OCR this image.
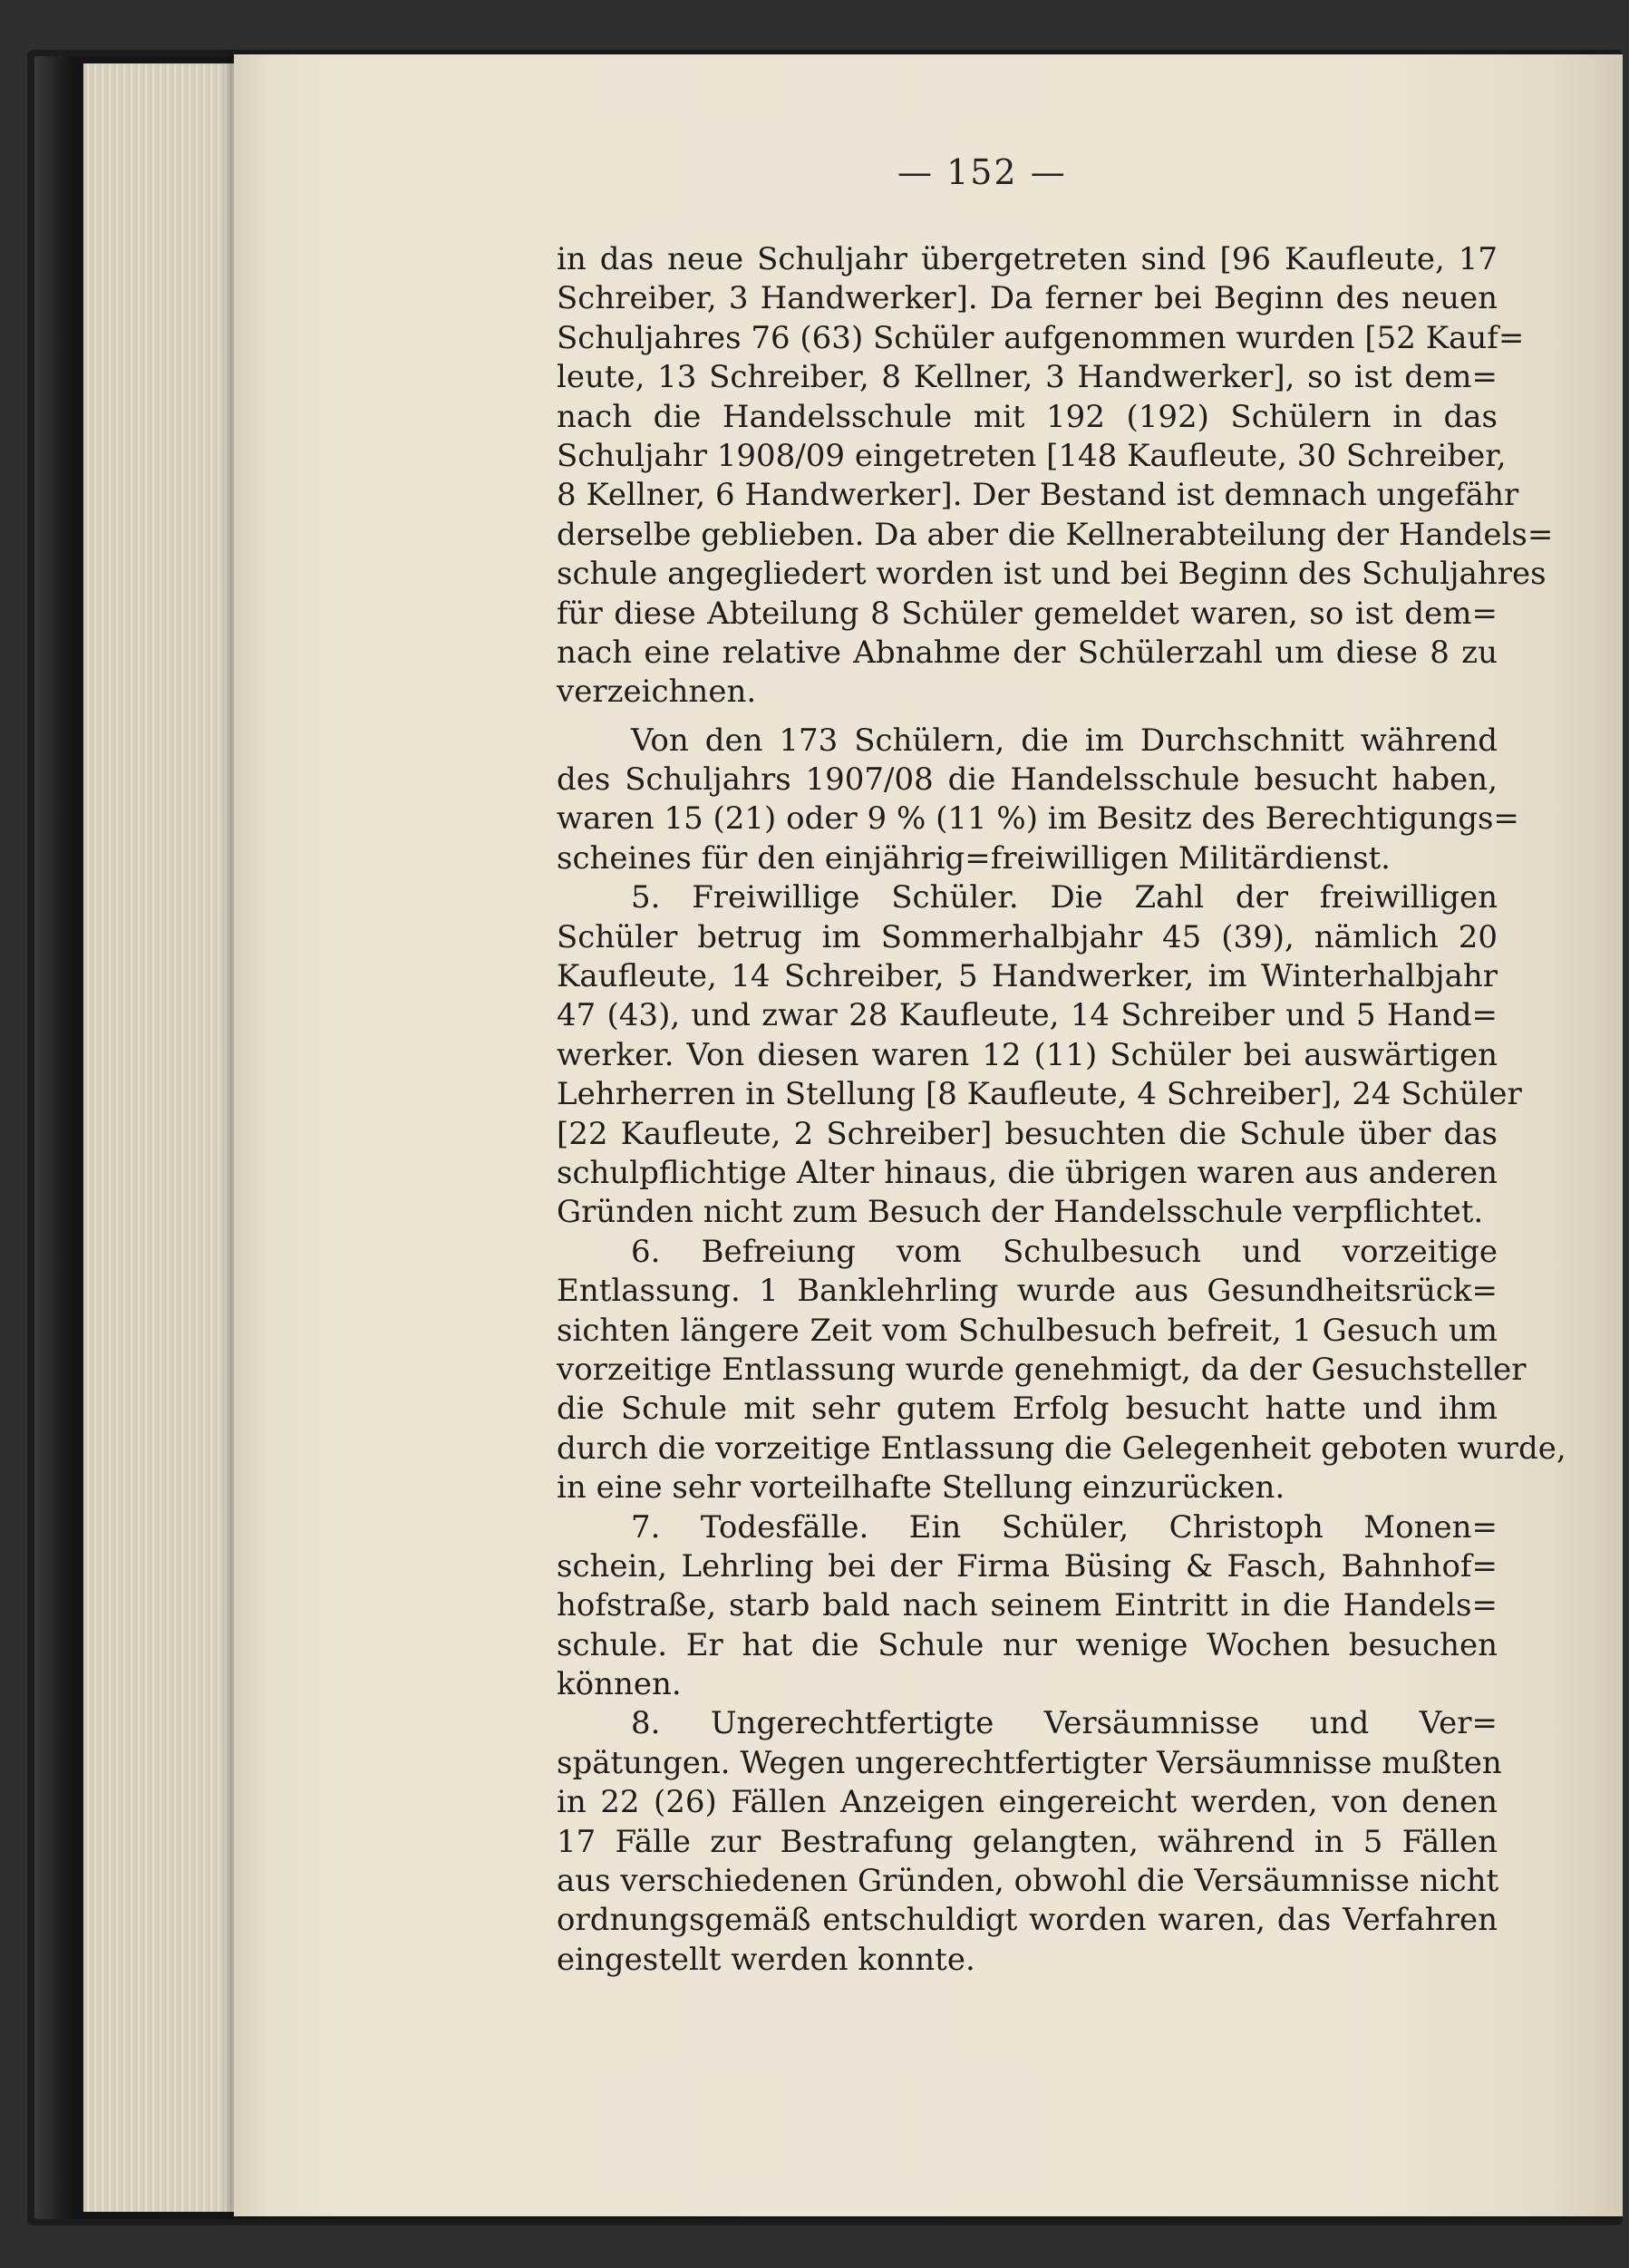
— 152 —
in das neue Schuljahr übergetreten sind [96 Kaufleute, 17
Schreiber, 3 Handwerker]. Da ferner bei Beginn des neuen
Schuljahres 76 (63) Schüler aufgenommen wurden [52 Kauf=
leute, 13 Schreiber, 8 Kellner, 3 Handwerker], so ist dem=
nach die Handelsschule mit 192 (192) Schülern in das
Schuljahr 1908/09 eingetreten [148 Kaufleute, 30 Schreiber,
8 Kellner, 6 Handwerker]. Der Bestand ist demnach ungefähr
derselbe geblieben. Da aber die Kellnerabteilung der Handels=
schule angegliedert worden ist und bei Beginn des Schuljahres
für diese Abteilung 8 Schüler gemeldet waren, so ist dem=
nach eine relative Abnahme der Schülerzahl um diese 8 zu
verzeichnen.
Von den 173 Schülern, die im Durchschnitt während
des Schuljahrs 1907/08 die Handelsschule besucht haben,
waren 15 (21) oder 9 % (11 %) im Besitz des Berechtigungs=
scheines für den einjährig=freiwilligen Militärdienst.
5. Freiwillige Schüler. Die Zahl der freiwilligen
Schüler betrug im Sommerhalbjahr 45 (39), nämlich 20
Kaufleute, 14 Schreiber, 5 Handwerker, im Winterhalbjahr
47 (43), und zwar 28 Kaufleute, 14 Schreiber und 5 Hand=
werker. Von diesen waren 12 (11) Schüler bei auswärtigen
Lehrherren in Stellung [8 Kaufleute, 4 Schreiber], 24 Schüler
[22 Kaufleute, 2 Schreiber] besuchten die Schule über das
schulpflichtige Alter hinaus, die übrigen waren aus anderen
Gründen nicht zum Besuch der Handelsschule verpflichtet.
6. Befreiung vom Schulbesuch und vorzeitige
Entlassung. 1 Banklehrling wurde aus Gesundheitsrück=
sichten längere Zeit vom Schulbesuch befreit, 1 Gesuch um
vorzeitige Entlassung wurde genehmigt, da der Gesuchsteller
die Schule mit sehr gutem Erfolg besucht hatte und ihm
durch die vorzeitige Entlassung die Gelegenheit geboten wurde,
in eine sehr vorteilhafte Stellung einzurücken.
7. Todesfälle. Ein Schüler, Christoph Monen=
schein, Lehrling bei der Firma Büsing & Fasch, Bahnhof=
hofstraße, starb bald nach seinem Eintritt in die Handels=
schule. Er hat die Schule nur wenige Wochen besuchen
können.
8. Ungerechtfertigte Versäumnisse und Ver=
spätungen. Wegen ungerechtfertigter Versäumnisse mußten
in 22 (26) Fällen Anzeigen eingereicht werden, von denen
17 Fälle zur Bestrafung gelangten, während in 5 Fällen
aus verschiedenen Gründen, obwohl die Versäumnisse nicht
ordnungsgemäß entschuldigt worden waren, das Verfahren
eingestellt werden konnte.
